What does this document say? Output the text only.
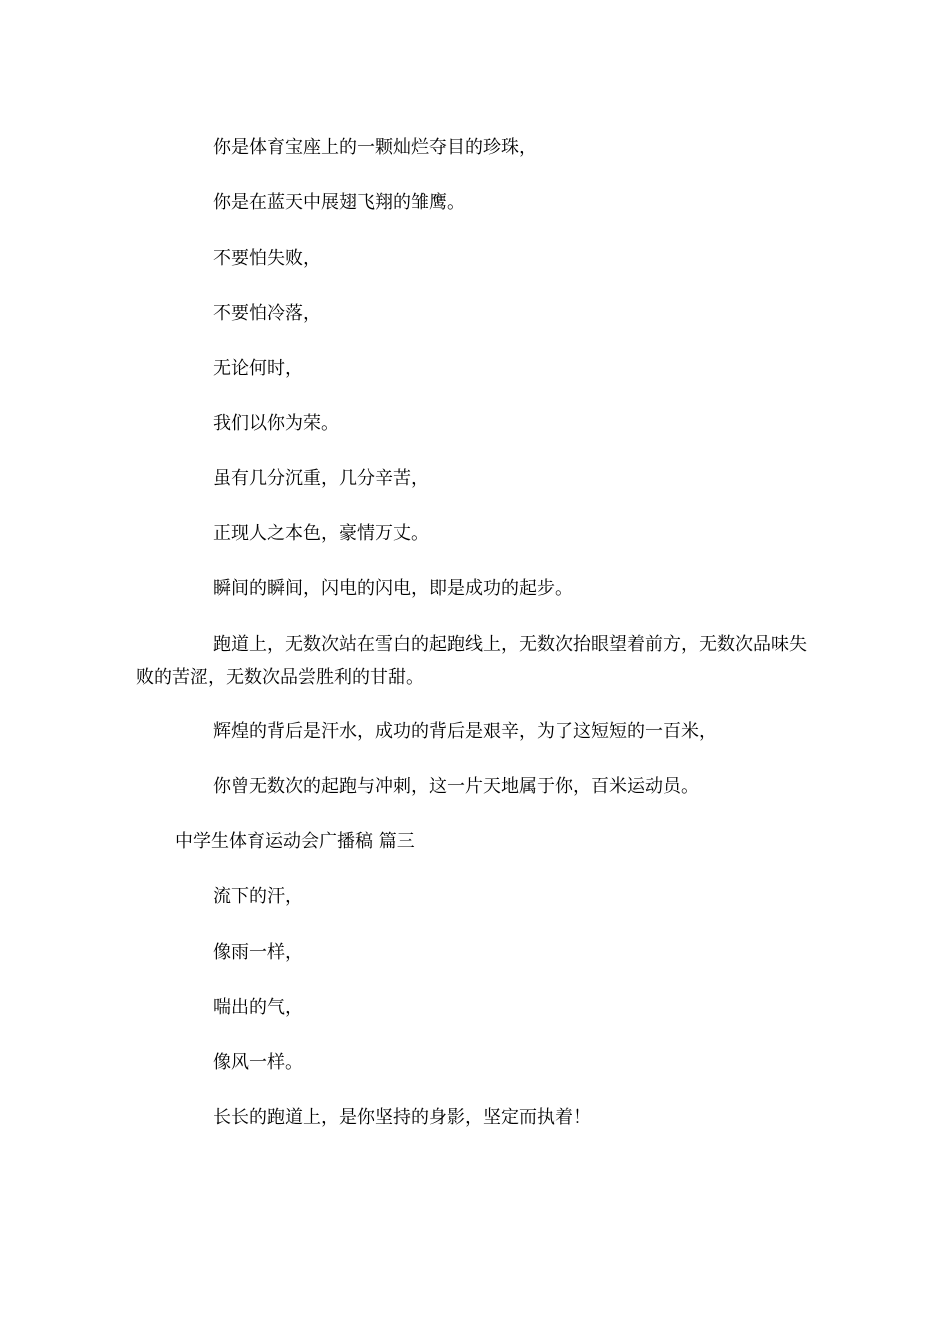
你是体育宝座上的一颗灿烂夺目的珍珠，
你是在蓝天中展翅飞翔的雏鹰。
不要怕失败，
不要怕冷落，
无论何时，
我们以你为荣。
虽有几分沉重，几分辛苦，
正现人之本色，豪情万丈。
瞬间的瞬间，闪电的闪电，即是成功的起步。
跑道上，无数次站在雪白的起跑线上，无数次抬眼望着前方，无数次品味失败的苦涩，无数次品尝胜利的甘甜。
辉煌的背后是汗水，成功的背后是艰辛，为了这短短的一百米，
你曾无数次的起跑与冲刺，这一片天地属于你，百米运动员。
中学生体育运动会广播稿 篇三
流下的汗，
像雨一样，
喘出的气，
像风一样。
长长的跑道上，是你坚持的身影，坚定而执着！
